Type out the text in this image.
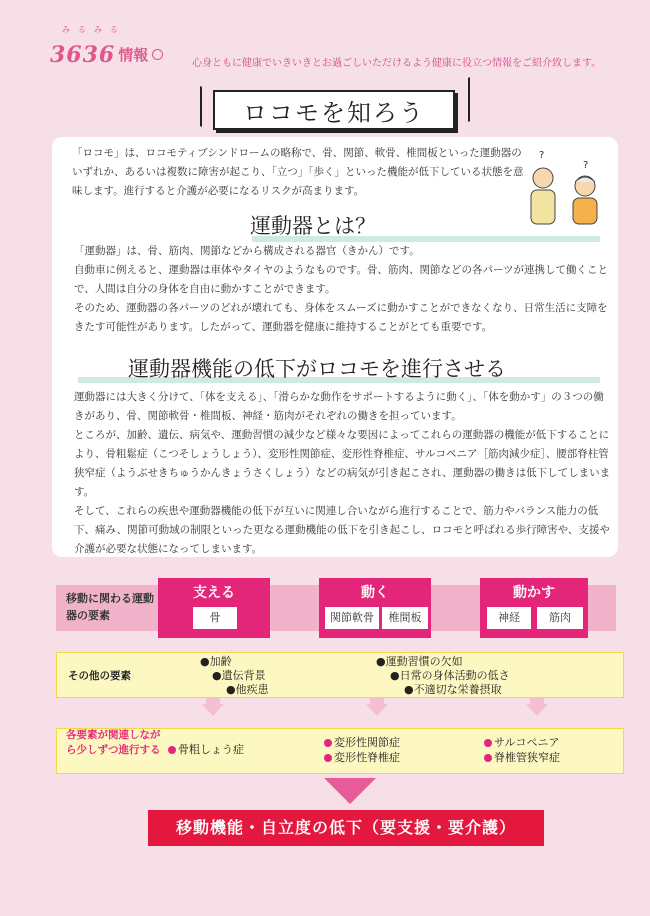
みるみる
3636 情報	心身ともに健康でいきいきとお過ごしいただけるよう健康に役立つ情報をご紹介致します。
ロコモを知ろう

「ロコモ」は、ロコモティブシンドロームの略称で、骨、関節、軟骨、椎間板といった運動器のいずれか、あるいは複数に障害が起こり、「立つ」「歩く」といった機能が低下している状態を意味します。進行すると介護が必要になるリスクが高まります。

?
?
運動器とは？

「運動器」は、骨、筋肉、関節などから構成される器官（きかん）です。

自動車に例えると、運動器は車体やタイヤのようなものです。骨、筋肉、関節などの各パーツが連携して働くことで、人間は自分の身体を自由に動かすことができます。

そのため、運動器の各パーツのどれが壊れても、身体をスムーズに動かすことができなくなり、日常生活に支障をきたす可能性があります。したがって、運動器を健康に維持することがとても重要です。

運動器機能の低下がロコモを進行させる

運動器には大きく分けて、「体を支える」、「滑らかな動作をサポートするように動く」、「体を動かす」の３つの働きがあり、骨、関節軟骨・椎間板、神経・筋肉がそれぞれの働きを担っています。

ところが、加齢、遺伝、病気や、運動習慣の減少など様々な要因によってこれらの運動器の機能が低下することにより、骨粗鬆症（こつそしょうしょう）、変形性関節症、変形性脊椎症、サルコペニア［筋肉減少症］、腰部脊柱管狭窄症（ようぶせきちゅうかんきょうさくしょう）などの病気が引き起こされ、運動器の働きは低下してしまいます。

そして、これらの疾患や運動器機能の低下が互いに関連し合いながら進行することで、筋力やバランス能力の低下、痛み、関節可動域の制限といった更なる運動機能の低下を引き起こし、ロコモと呼ばれる歩行障害や、支援や介護が必要な状態になってしまいます。

移動に関わる運動器の要素
支える
骨
動く
関節軟骨	椎間板
動かす
神経	筋肉
その他の要素
●加齢
●遺伝背景
●他疾患
●運動習慣の欠如
●日常の身体活動の低さ
●不適切な栄養摂取
各要素が関連しながら少しずつ進行する	骨粗しょう症
変形性関節症
変形性脊椎症
サルコペニア
脊椎管狭窄症
移動機能・自立度の低下（要支援・要介護）
